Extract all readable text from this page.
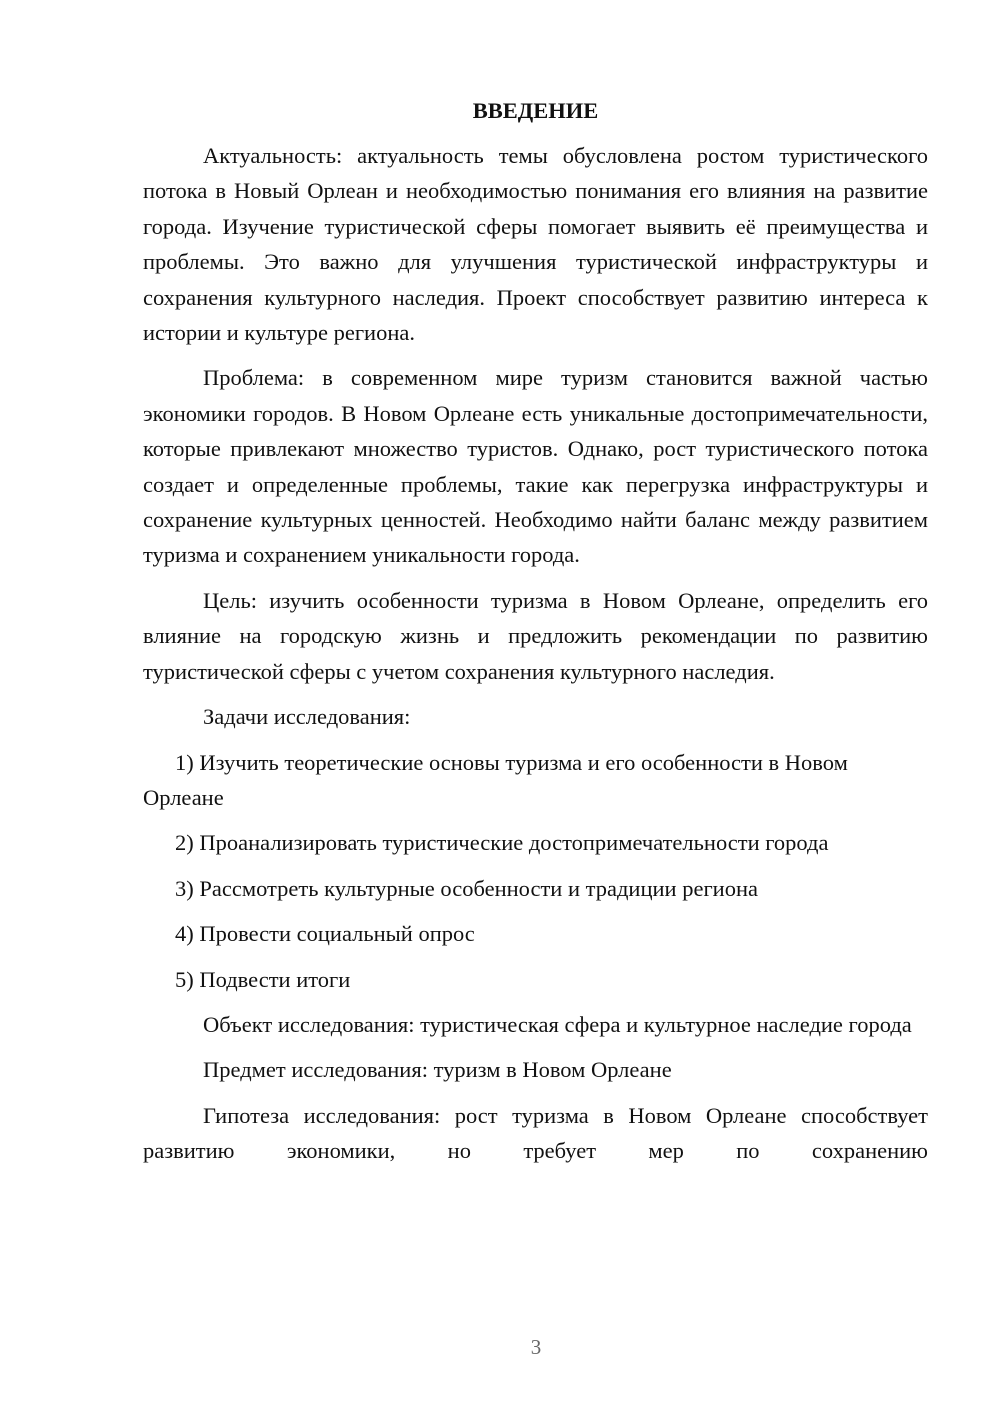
ВВЕДЕНИЕ
Актуальность: актуальность темы обусловлена ростом туристического потока в Новый Орлеан и необходимостью понимания его влияния на развитие города. Изучение туристической сферы помогает выявить её преимущества и проблемы. Это важно для улучшения туристической инфраструктуры и сохранения культурного наследия. Проект способствует развитию интереса к истории и культуре региона.
Проблема: в современном мире туризм становится важной частью экономики городов. В Новом Орлеане есть уникальные достопримечательности, которые привлекают множество туристов. Однако, рост туристического потока создает и определенные проблемы, такие как перегрузка инфраструктуры и сохранение культурных ценностей. Необходимо найти баланс между развитием туризма и сохранением уникальности города.
Цель: изучить особенности туризма в Новом Орлеане, определить его влияние на городскую жизнь и предложить рекомендации по развитию туристической сферы с учетом сохранения культурного наследия.
Задачи исследования:
1) Изучить теоретические основы туризма и его особенности в Новом Орлеане
2) Проанализировать туристические достопримечательности города
3) Рассмотреть культурные особенности и традиции региона
4) Провести социальный опрос
5) Подвести итоги
Объект исследования: туристическая сфера и культурное наследие города
Предмет исследования: туризм в Новом Орлеане
Гипотеза исследования: рост туризма в Новом Орлеане способствует развитию экономики, но требует мер по сохранению
3
